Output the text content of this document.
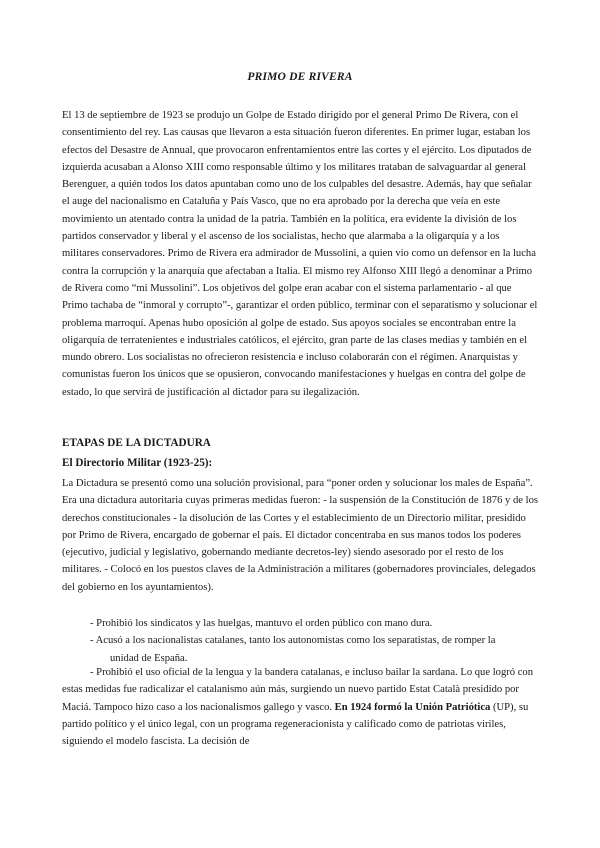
PRIMO DE RIVERA
El 13 de septiembre de 1923 se produjo un Golpe de Estado dirigido por el general Primo De Rivera, con el consentimiento del rey. Las causas que llevaron a esta situación fueron diferentes. En primer lugar, estaban los efectos del Desastre de Annual, que provocaron enfrentamientos entre las cortes y el ejército. Los diputados de izquierda acusaban a Alonso XIII como responsable último y los militares trataban de salvaguardar al general Berenguer, a quién todos los datos apuntaban como uno de los culpables del desastre. Además, hay que señalar el auge del nacionalismo en Cataluña y País Vasco, que no era aprobado por la derecha que veía en este movimiento un atentado contra la unidad de la patria. También en la política, era evidente la división de los partidos conservador y liberal y el ascenso de los socialistas, hecho que alarmaba a la oligarquía y a los militares conservadores. Primo de Rivera era admirador de Mussolini, a quien vio como un defensor en la lucha contra la corrupción y la anarquía que afectaban a Italia. El mismo rey Alfonso XIII llegó a denominar a Primo de Rivera como “mi Mussolini”. Los objetivos del golpe eran acabar con el sistema parlamentario - al que Primo tachaba de “inmoral y corrupto”-, garantizar el orden público, terminar con el separatismo y solucionar el problema marroquí. Apenas hubo oposición al golpe de estado. Sus apoyos sociales se encontraban entre la oligarquía de terratenientes e industriales católicos, el ejército, gran parte de las clases medias y también en el mundo obrero. Los socialistas no ofrecieron resistencia e incluso colaborarán con el régimen. Anarquistas y comunistas fueron los únicos que se opusieron, convocando manifestaciones y huelgas en contra del golpe de estado, lo que servirá de justificación al dictador para su ilegalización.
ETAPAS DE LA DICTADURA
El Directorio Militar (1923-25):
La Dictadura se presentó como una solución provisional, para “poner orden y solucionar los males de España”. Era una dictadura autoritaria cuyas primeras medidas fueron: - la suspensión de la Constitución de 1876 y de los derechos constitucionales - la disolución de las Cortes y el establecimiento de un Directorio militar, presidido por Primo de Rivera, encargado de gobernar el país. El dictador concentraba en sus manos todos los poderes (ejecutivo, judicial y legislativo, gobernando mediante decretos-ley) siendo asesorado por el resto de los militares. - Colocó en los puestos claves de la Administración a militares (gobernadores provinciales, delegados del gobierno en los ayuntamientos).
- Prohibió los sindicatos y las huelgas, mantuvo el orden público con mano dura.
- Acusó a los nacionalistas catalanes, tanto los autonomistas como los separatistas, de romper la
unidad de España.
- Prohibió el uso oficial de la lengua y la bandera catalanas, e incluso bailar la sardana. Lo que logró con estas medidas fue radicalizar el catalanismo aún más, surgiendo un nuevo partido Estat Català presidido por Maciá. Tampoco hizo caso a los nacionalismos gallego y vasco. En 1924 formó la Unión Patriótica (UP), su partido político y el único legal, con un programa regeneracionista y calificado como de patriotas viriles, siguiendo el modelo fascista. La decisión de
